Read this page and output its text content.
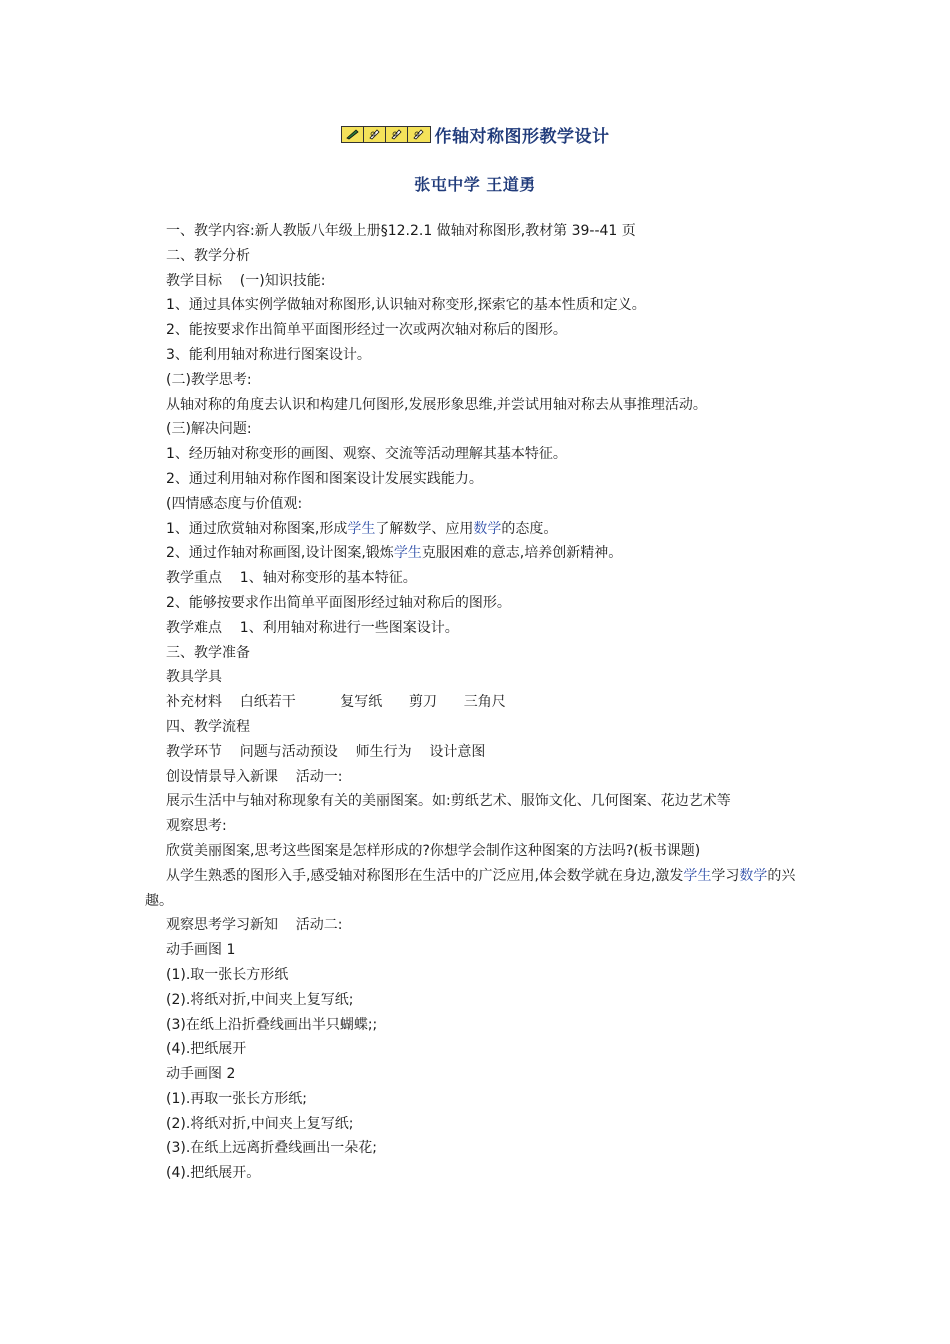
作轴对称图形教学设计
张屯中学 王道勇

一、教学内容:新人教版八年级上册§12.2.1 做轴对称图形,教材第 39--41 页

二、教学分析

教学目标    (一)知识技能:

1、通过具体实例学做轴对称图形,认识轴对称变形,探索它的基本性质和定义。

2、能按要求作出简单平面图形经过一次或两次轴对称后的图形。

3、能利用轴对称进行图案设计。

(二)教学思考:

从轴对称的角度去认识和构建几何图形,发展形象思维,并尝试用轴对称去从事推理活动。

(三)解决问题:

1、经历轴对称变形的画图、观察、交流等活动理解其基本特征。

2、通过利用轴对称作图和图案设计发展实践能力。

(四情感态度与价值观:

1、通过欣赏轴对称图案,形成学生了解数学、应用数学的态度。

2、通过作轴对称画图,设计图案,锻炼学生克服困难的意志,培养创新精神。

教学重点    1、轴对称变形的基本特征。

2、能够按要求作出简单平面图形经过轴对称后的图形。

教学难点    1、利用轴对称进行一些图案设计。

三、教学准备

教具学具

补充材料    白纸若干          复写纸      剪刀      三角尺

四、教学流程

教学环节    问题与活动预设    师生行为    设计意图

创设情景导入新课    活动一:

展示生活中与轴对称现象有关的美丽图案。如:剪纸艺术、服饰文化、几何图案、花边艺术等

观察思考:

欣赏美丽图案,思考这些图案是怎样形成的?你想学会制作这种图案的方法吗?(板书课题)

从学生熟悉的图形入手,感受轴对称图形在生活中的广泛应用,体会数学就在身边,激发学生学习数学的兴趣。

观察思考学习新知    活动二:

动手画图 1

(1).取一张长方形纸

(2).将纸对折,中间夹上复写纸;

(3)在纸上沿折叠线画出半只蝴蝶;;

(4).把纸展开

动手画图 2

(1).再取一张长方形纸;

(2).将纸对折,中间夹上复写纸;

(3).在纸上远离折叠线画出一朵花;

(4).把纸展开。
